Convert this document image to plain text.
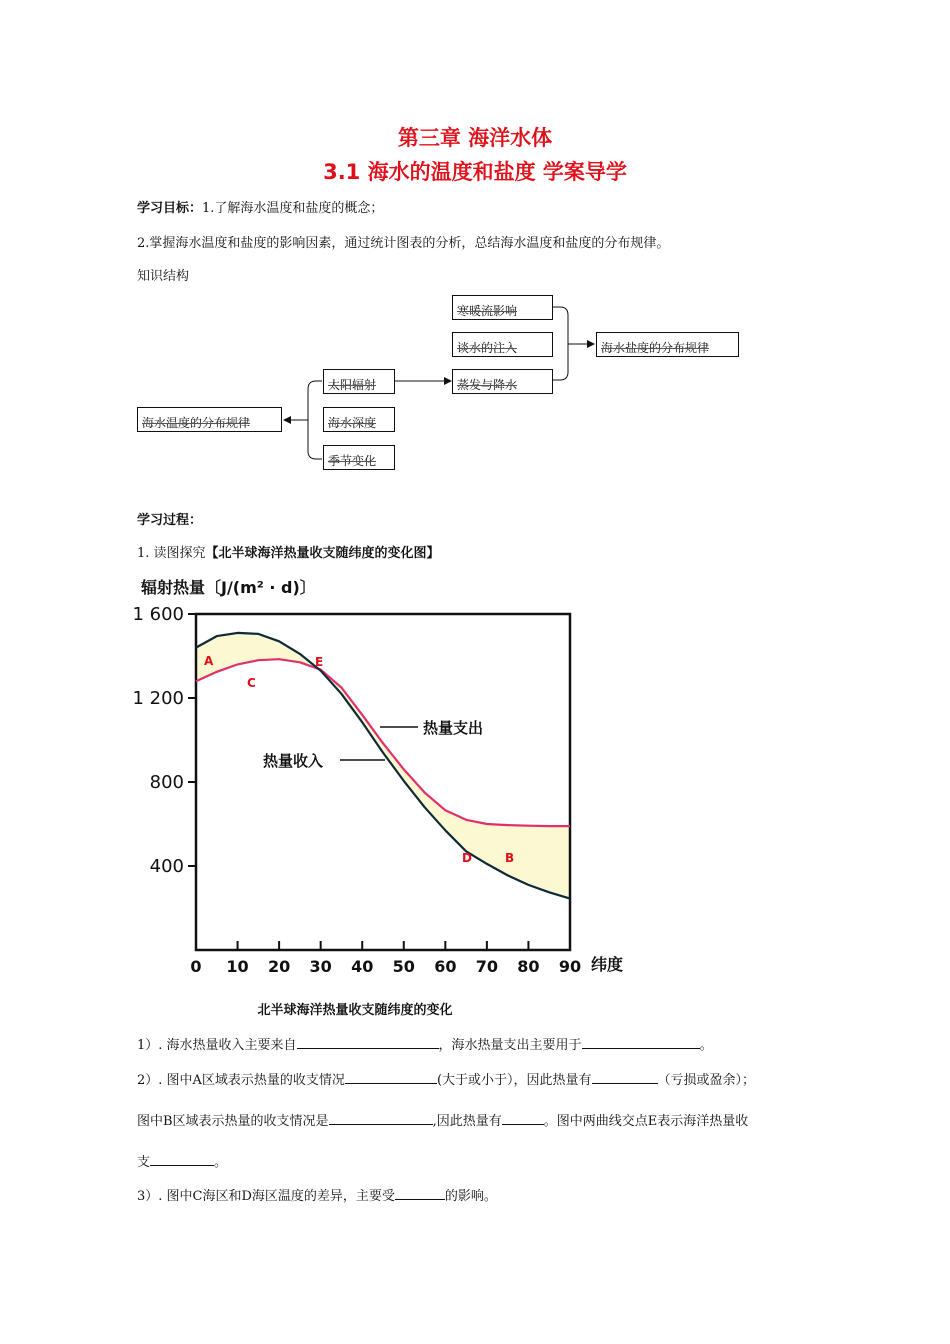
第三章 海洋水体
3.1 海水的温度和盐度 学案导学
学习目标：1.了解海水温度和盐度的概念；
2.掌握海水温度和盐度的影响因素，通过统计图表的分析，总结海水温度和盐度的分布规律。
知识结构
寒暖流影响
谈水的注入
蒸发与降水
海水盐度的分布规律
太阳辐射
海水深度
季节变化
海水温度的分布规律
学习过程：
1. 读图探究【北半球海洋热量收支随纬度的变化图】
0 10 20 30 40 50 60 70 80 90
1 600
1 200
800
400
辐射热量〔J/(m² · d)〕
纬度
热量支出
热量收入
A
B
C
D
E
北半球海洋热量收支随纬度的变化
1）. 海水热量收入主要来自	，海水热量支出主要用于	。
2）. 图中A区域表示热量的收支情况	(大于或小于），因此热量有	（亏损或盈余）；
图中B区域表示热量的收支情况是	,因此热量有	。图中两曲线交点E表示海洋热量收
支	。
3）. 图中C海区和D海区温度的差异，主要受	的影响。
